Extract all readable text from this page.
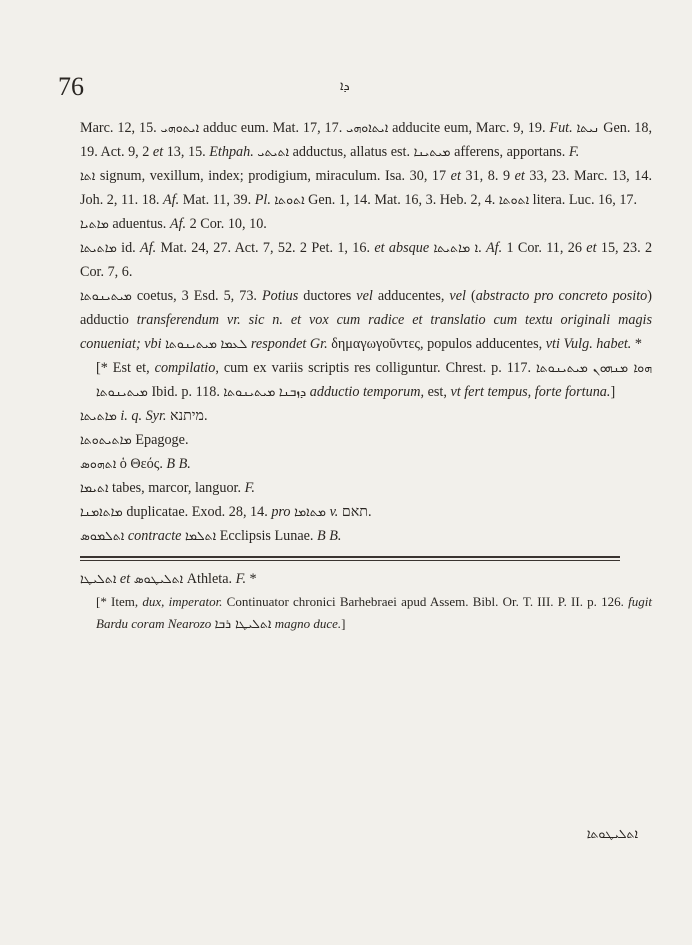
76	ܕܐ

Marc. 12, 15. ܐܝܬܘܗܝ adduc eum. Mat. 17, 17. ܐܝܬܐܘܗܝ adducite eum, Marc. 9, 19. Fut. ܢܝܬܐ Gen. 18, 19. Act. 9, 2 et 13, 15. Ethpah. ܐܬܝܬܝ adductus, allatus est. ܡܝܬܝܢܐ afferens, apportans. F.

ܐܬܐ signum, vexillum, index; prodigium, miraculum. Isa. 30, 17 et 31, 8. 9 et 33, 23. Marc. 13, 14. Joh. 2, 11. 18. Af. Mat. 11, 39. Pl. ܐܬܘܬܐ Gen. 1, 14. Mat. 16, 3. Heb. 2, 4. ܐܬܘܬܐ litera. Luc. 16, 17.

ܡܐܬܝܐ aduentus. Af. 2 Cor. 10, 10.

ܡܐܬܝܬܐ id. Af. Mat. 24, 27. Act. 7, 52. 2 Pet. 1, 16. et absque	ܐ ܡܐܬܝܬܐ . Af. 1 Cor. 11, 26 et 15, 23. 2 Cor. 7, 6.

ܡܝܬܝܢܘܬܐ coetus, 3 Esd. 5, 73. Potius ductores vel adducentes, vel (abstracto pro concreto posito) adductio transferendum vr. sic n. et vox cum radice et translatio cum textu originali magis conueniat; vbi	ܠܥܡܐ ܡܝܬܝܢܘܬܐ respondet Gr. δημαγωγοῦντες, populos adducentes, vti Vulg. habet. *

[* Est et, compilatio, cum ex variis scriptis res colliguntur. Chrest. p. 117.	ܗܘܐ ܡܢܗܘܢ ܡܝܬܝܢܘܬܐ ܡܝܬܝܢܘܬܐ Ibid. p. 118.	ܕܙܒܢܐ ܡܝܬܝܢܘܬܐ adductio temporum, est, vt fert tempus, forte fortuna.]

ܡܐܬܝܬܐ i. q. Syr. מיתנא.

ܡܐܬܝܬܘܬܐ Epagoge.

ܐܬܗܘܣ ὁ Θεός. B B.

ܐܬܝܡܐ tabes, marcor, languor. F.

ܡܐܬܐܡܢܐ duplicatae. Exod. 28, 14. pro ܡܬܐܡܐ v. תאם.

ܐܬܠܡܘܣ contracte ܐܬܠܡܐ Ecclipsis Lunae. B B.

ܐܬܠܝܛܐ et ܐܬܠܝܛܘܣ Athleta. F. *

[* Item, dux, imperator. Continuator chronici Barhebraei apud Assem. Bibl. Or. T. III. P. II. p. 126. fugit Bardu coram Nearozo ܐܬܠܝܛܐ ܪܒܐ magno duce.]

ܐܬܠܝܛܘܬܐ
